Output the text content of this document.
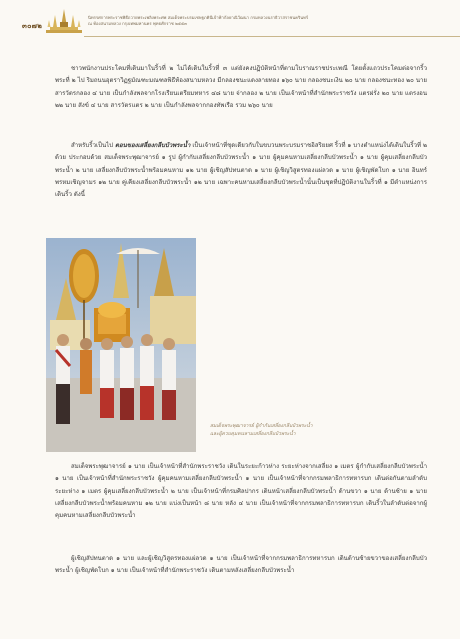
๓๐๗๒
นิทรรศการพระราชพิธีถวายพระเพลิงพระศพ สมเด็จพระบรมเชษฐภคินีเจ้าฟ้ากัลยาณิวัฒนา กรมหลวงนราธิวาสราชนครินทร์
ณ ท้องสนามหลวง กรุงเทพมหานคร พุทธศักราช ๒๕๕๓
ชาวพนักงานประโคมที่เดินมาในริ้วที่ ๒ ไม่ได้เดินในริ้วที่ ๓ แต่ยังคงปฏิบัติหน้าที่ตามโบราณราชประเพณี โดยตั้งแถวประโคมต่อจากริ้วพระที่ ๒ ไป ริมถนนอุตราวิฏฐมัณฑะมณฑลพิธีท้องสนามหลวง มีกลองชนะแดงลายทอง ๑๖๐ นาย กลองชนะเงิน ๒๐ นาย กลองชนะทอง ๒๐ นาย สารวัตรกลอง ๔ นาย เป็นกำลังพลจากโรงเรียนเตรียมทหาร ๔๘ นาย จ่ากลอง ๒ นาย เป็นเจ้าหน้าที่สำนักพระราชวัง แตรฝรั่ง ๒๐ นาย แตรงอน ๒๒ นาย สังข์ ๔ นาย สารวัตรแตร ๒ นาย เป็นกำลังพลจากกองทัพเรือ รวม ๒๖๐ นาย
สำหรับริ้วเป็นไป ตอนของเสลี่ยงกลีบบัวพระน้ำ เป็นเจ้าหน้าที่ชุดเดียวกับในขบวนพระบรมราชอิสริยยศ ริ้วที่ ๑ บางตำแหน่งได้เดินในริ้วที่ ๒ ด้วย ประกอบด้วย สมเด็จพระพุฒาจารย์ ๑ รูป ผู้กำกับเสลี่ยงกลีบบัวพระน้ำ ๑ นาย ผู้คุมคนหามเสลี่ยงกลีบบัวพระน้ำ ๑ นาย ผู้คุมเสลี่ยงกลีบบัวพระน้ำ ๒ นาย เสลี่ยงกลีบบัวพระน้ำพร้อมคนหาม ๑๒ นาย ผู้เชิญสัปทนตาด ๑ นาย ผู้เชิญวิสูตรทองแผ่ลวด ๑ นาย ผู้เชิญพัดโบก ๑ นาย อินทร์พรหมเชิญจามร ๑๒ นาย คู่เคียงเสลี่ยงกลีบบัวพระน้ำ ๑๒ นาย เฉพาะคนหามเสลี่ยงกลีบบัวพระน้ำนั้นเป็นชุดที่ปฏิบัติงานในริ้วที่ ๑ มีตำแหน่งการเดินริ้ว ดังนี้
สมเด็จพระพุฒาจารย์ ผู้กำกับเสลี่ยงกลีบบัวพระน้ำ
และผู้ควบคุมคนหามเสลี่ยงกลีบบัวพระน้ำ
สมเด็จพระพุฒาจารย์ ๑ นาย เป็นเจ้าหน้าที่สำนักพระราชวัง เดินในระยะก้าวห่าง ระยะห่างจากเสลี่ยง ๑ เมตร ผู้กำกับเสลี่ยงกลีบบัวพระน้ำ ๑ นาย เป็นเจ้าหน้าที่สำนักพระราชวัง ผู้คุมคนหามเสลี่ยงกลีบบัวพระน้ำ ๑ นาย เป็นเจ้าหน้าที่จากกรมพลาธิการทหารบก เดินต่อกันตามลำดับ ระยะห่าง ๑ เมตร ผู้คุมเสลี่ยงกลีบบัวพระน้ำ ๒ นาย เป็นเจ้าหน้าที่กรมศิลปากร เดินหน้าเสลี่ยงกลีบบัวพระน้ำ ด้านขวา ๑ นาย ด้านซ้าย ๑ นาย เสลี่ยงกลีบบัวพระน้ำพร้อมคนหาม ๑๒ นาย แบ่งเป็นหน้า ๘ นาย หลัง ๔ นาย เป็นเจ้าหน้าที่จากกรมพลาธิการทหารบก เดินริ้วในลำดับต่อจากผู้คุมคนหามเสลี่ยงกลีบบัวพระน้ำ
ผู้เชิญสัปทนตาด ๑ นาย และผู้เชิญวิสูตรทองแผ่ลวด ๑ นาย เป็นเจ้าหน้าที่จากกรมพลาธิการทหารบก เดินด้านซ้ายขวาของเสลี่ยงกลีบบัวพระน้ำ ผู้เชิญพัดโบก ๑ นาย เป็นเจ้าหน้าที่สำนักพระราชวัง เดินตามหลังเสลี่ยงกลีบบัวพระน้ำ
